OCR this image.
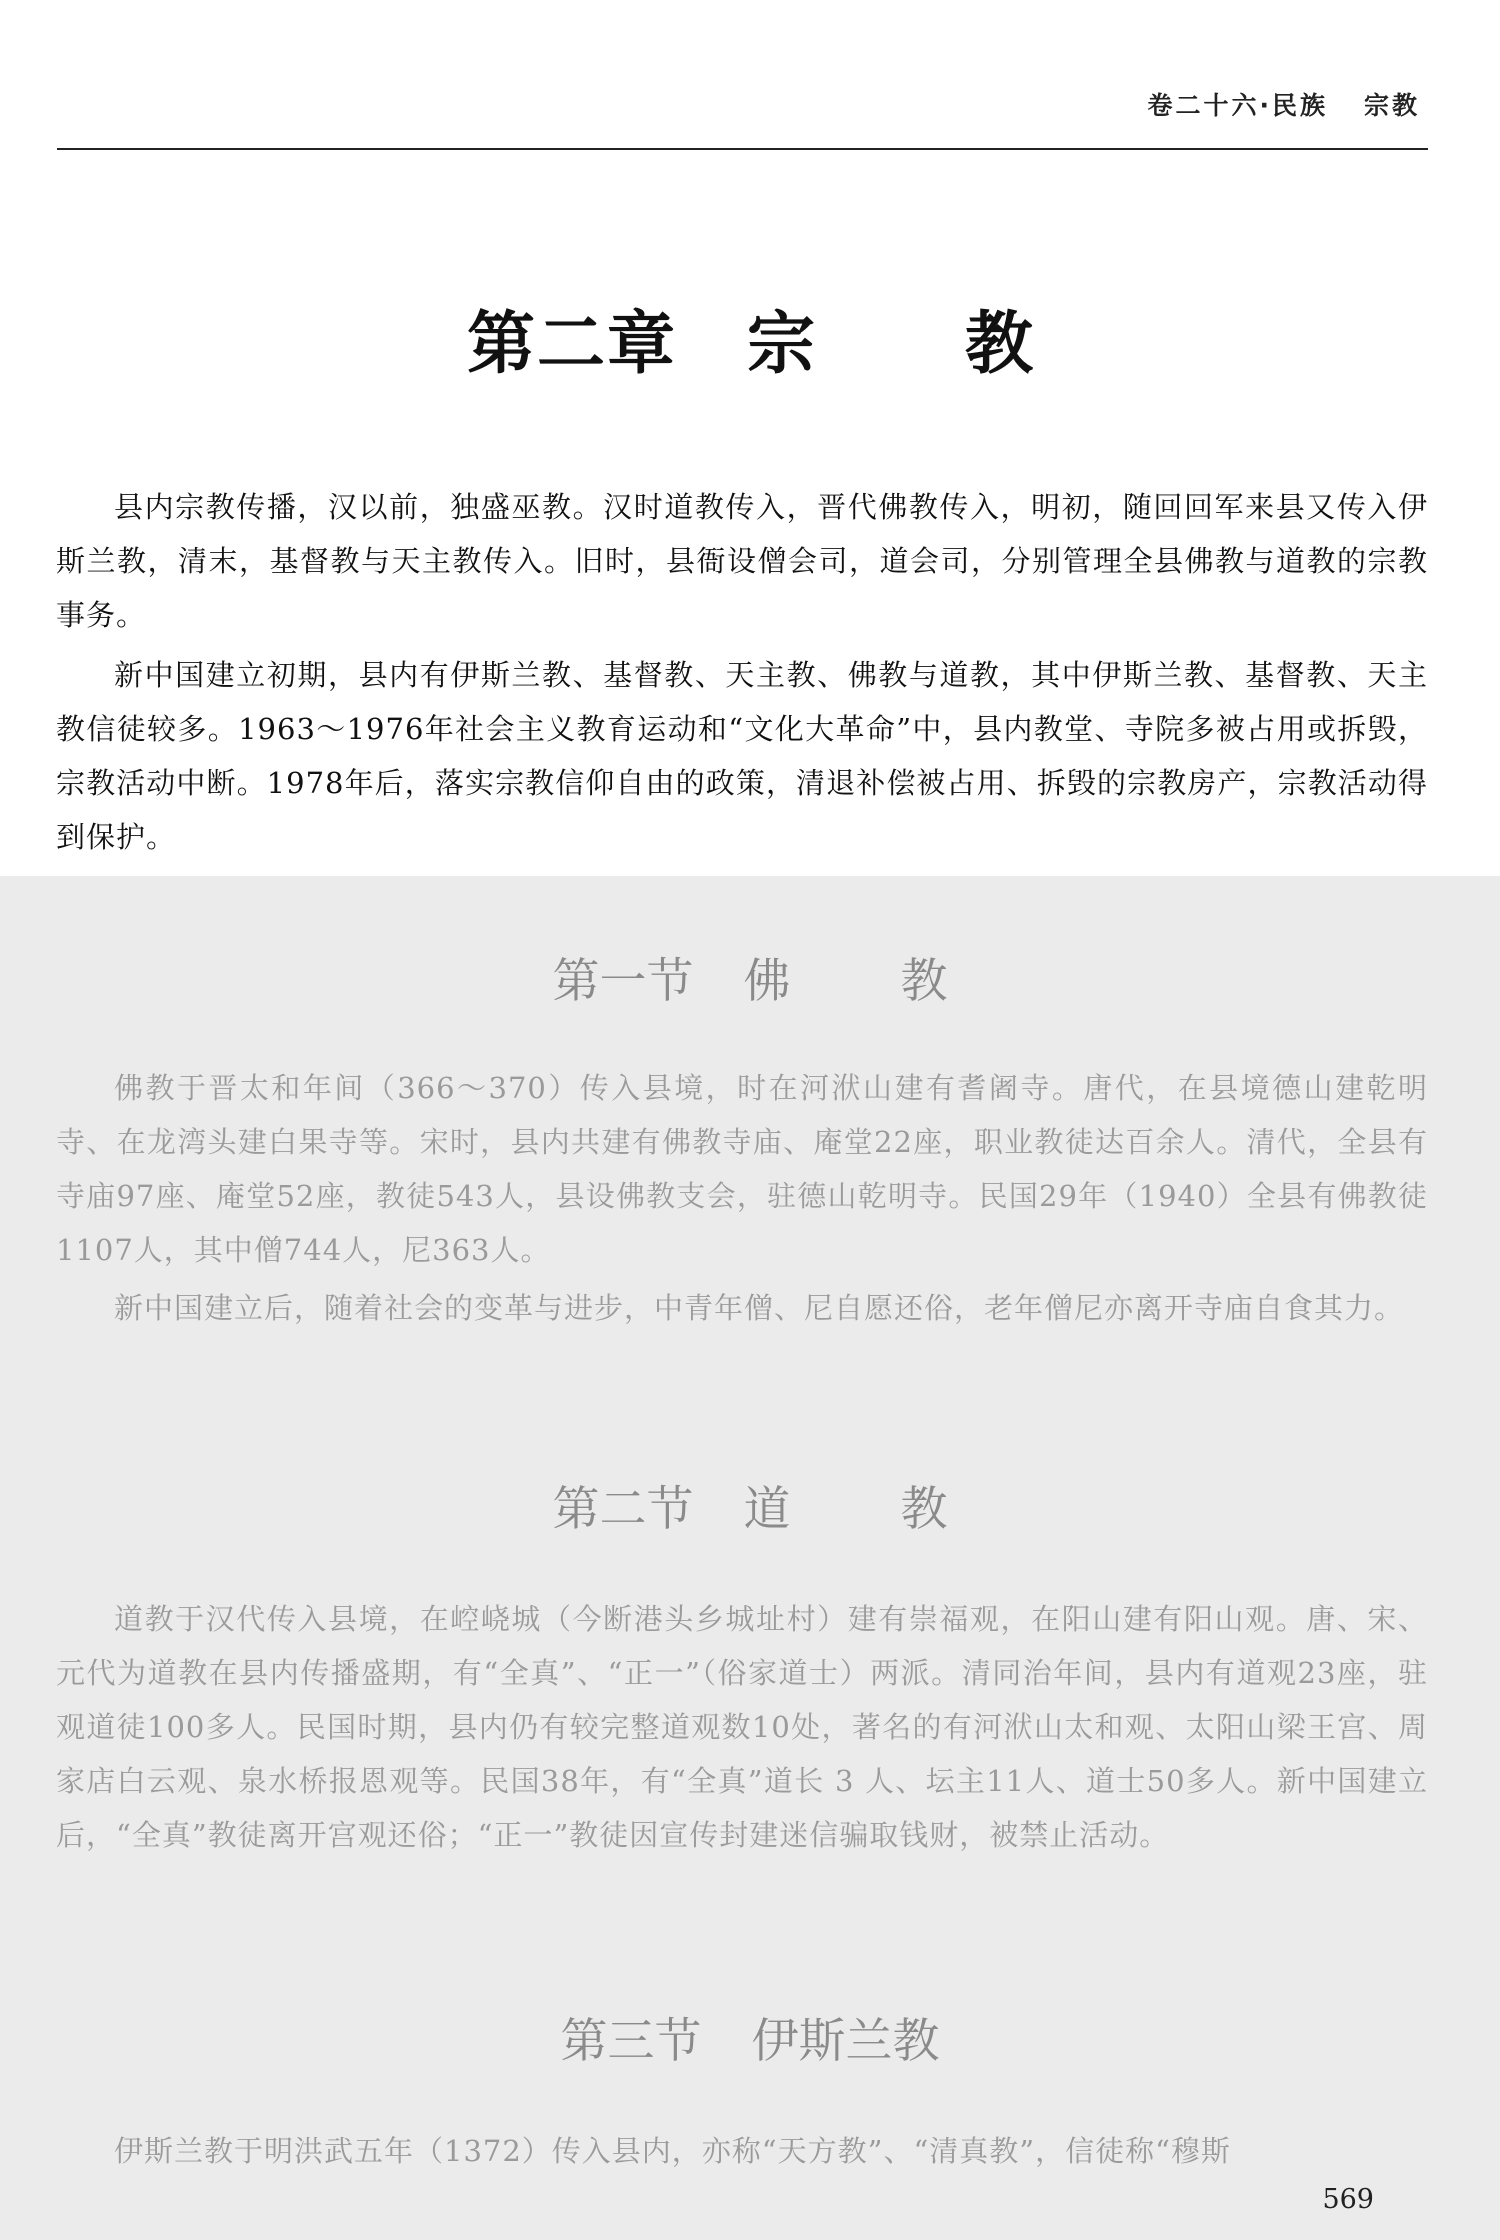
卷二十六·民族 宗教
第二章 宗 教

县内宗教传播，汉以前，独盛巫教。汉时道教传入，晋代佛教传入，明初，随回回军来县又传入伊斯兰教，清末，基督教与天主教传入。旧时，县衙设僧会司，道会司，分别管理全县佛教与道教的宗教事务。

新中国建立初期，县内有伊斯兰教、基督教、天主教、佛教与道教，其中伊斯兰教、基督教、天主教信徒较多。1963～1976年社会主义教育运动和“文化大革命”中，县内教堂、寺院多被占用或拆毁，宗教活动中断。1978年后，落实宗教信仰自由的政策，清退补偿被占用、拆毁的宗教房产，宗教活动得到保护。

第一节 佛 教

佛教于晋太和年间（366～370）传入县境，时在河洑山建有耆阇寺。唐代，在县境德山建乾明寺、在龙湾头建白果寺等。宋时，县内共建有佛教寺庙、庵堂22座，职业教徒达百余人。清代，全县有寺庙97座、庵堂52座，教徒543人，县设佛教支会，驻德山乾明寺。民国29年（1940）全县有佛教徒1107人，其中僧744人，尼363人。

新中国建立后，随着社会的变革与进步，中青年僧、尼自愿还俗，老年僧尼亦离开寺庙自食其力。

第二节 道 教

道教于汉代传入县境，在崆峣城（今断港头乡城址村）建有崇福观，在阳山建有阳山观。唐、宋、元代为道教在县内传播盛期，有“全真”、“正一”（俗家道士）两派。清同治年间，县内有道观23座，驻观道徒100多人。民国时期，县内仍有较完整道观数10处，著名的有河洑山太和观、太阳山梁王宫、周家店白云观、泉水桥报恩观等。民国38年，有“全真”道长 3 人、坛主11人、道士50多人。新中国建立后，“全真”教徒离开宫观还俗；“正一”教徒因宣传封建迷信骗取钱财，被禁止活动。

第三节 伊斯兰教

伊斯兰教于明洪武五年（1372）传入县内，亦称“天方教”、“清真教”，信徒称“穆斯

569
